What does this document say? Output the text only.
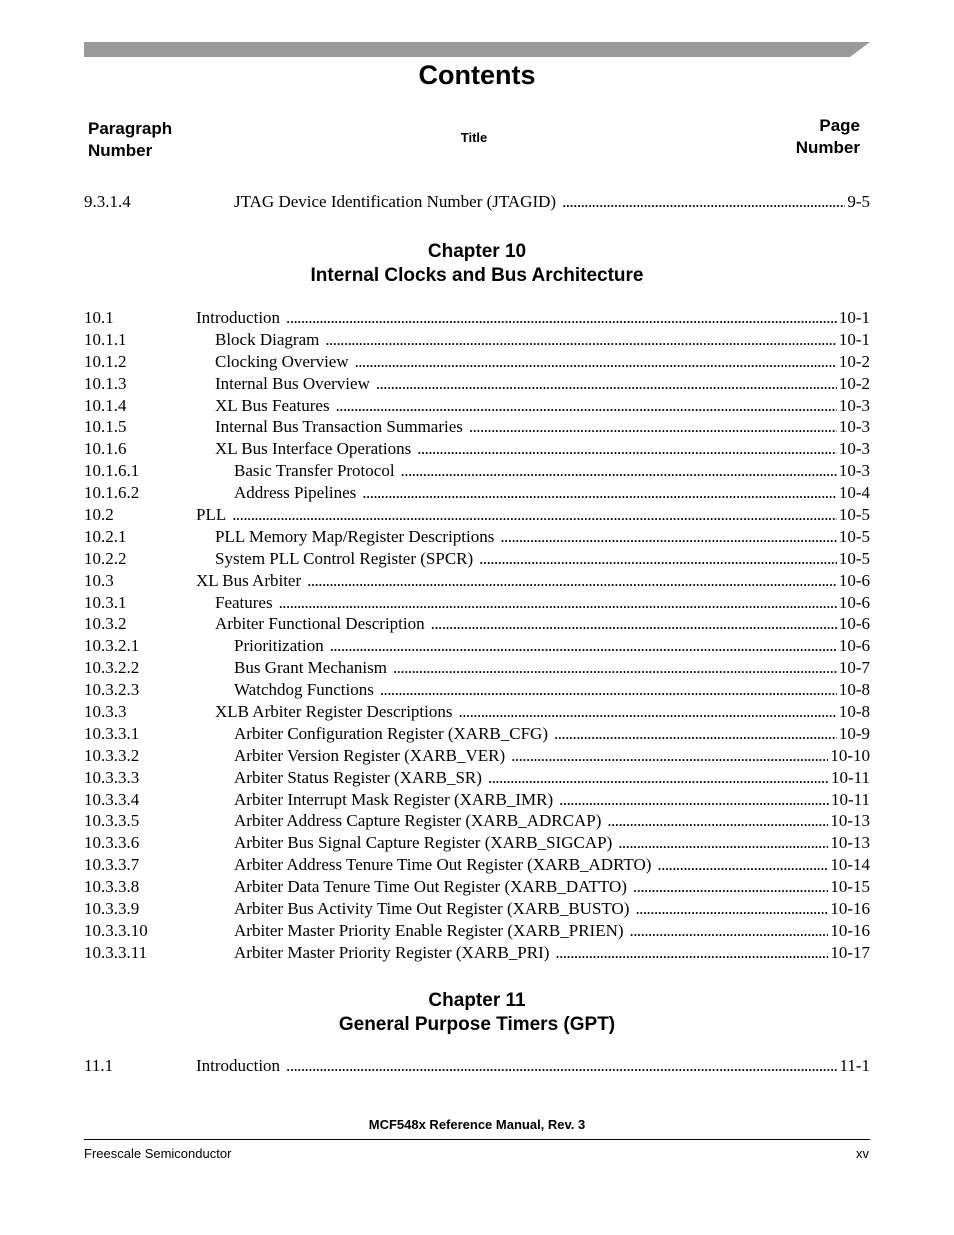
Contents
Paragraph
Number
Title
Page
Number
9.3.1.4	JTAG Device Identification Number (JTAGID) . . .	9-5
Chapter 10
Internal Clocks and Bus Architecture
10.1	Introduction . . .	10-1
10.1.1	Block Diagram . . .	10-1
10.1.2	Clocking Overview . . .	10-2
10.1.3	Internal Bus Overview . . .	10-2
10.1.4	XL Bus Features . . .	10-3
10.1.5	Internal Bus Transaction Summaries . . .	10-3
10.1.6	XL Bus Interface Operations . . .	10-3
10.1.6.1	Basic Transfer Protocol . . .	10-3
10.1.6.2	Address Pipelines . . .	10-4
10.2	PLL . . .	10-5
10.2.1	PLL Memory Map/Register Descriptions . . .	10-5
10.2.2	System PLL Control Register (SPCR) . . .	10-5
10.3	XL Bus Arbiter . . .	10-6
10.3.1	Features . . .	10-6
10.3.2	Arbiter Functional Description . . .	10-6
10.3.2.1	Prioritization . . .	10-6
10.3.2.2	Bus Grant Mechanism . . .	10-7
10.3.2.3	Watchdog Functions . . .	10-8
10.3.3	XLB Arbiter Register Descriptions . . .	10-8
10.3.3.1	Arbiter Configuration Register (XARB_CFG) . . .	10-9
10.3.3.2	Arbiter Version Register (XARB_VER) . . .	10-10
10.3.3.3	Arbiter Status Register (XARB_SR) . . .	10-11
10.3.3.4	Arbiter Interrupt Mask Register (XARB_IMR) . . .	10-11
10.3.3.5	Arbiter Address Capture Register (XARB_ADRCAP) . . .	10-13
10.3.3.6	Arbiter Bus Signal Capture Register (XARB_SIGCAP) . . .	10-13
10.3.3.7	Arbiter Address Tenure Time Out Register (XARB_ADRTO) . . .	10-14
10.3.3.8	Arbiter Data Tenure Time Out Register (XARB_DATTO) . . .	10-15
10.3.3.9	Arbiter Bus Activity Time Out Register (XARB_BUSTO) . . .	10-16
10.3.3.10	Arbiter Master Priority Enable Register (XARB_PRIEN) . . .	10-16
10.3.3.11	Arbiter Master Priority Register (XARB_PRI) . . .	10-17
Chapter 11
General Purpose Timers (GPT)
11.1	Introduction . . .	11-1
MCF548x Reference Manual, Rev. 3
Freescale Semiconductor	xv
